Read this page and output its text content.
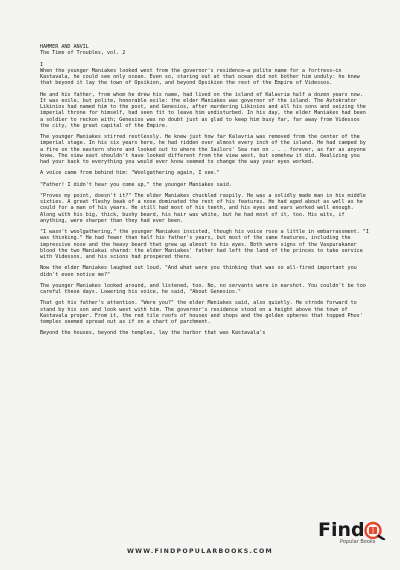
HAMMER AND ANVIL
The Time of Troubles, vol. 2
I

When the younger Maniakes looked west from the governor's residence—a polite name for a fortress—in Kastavala, he could see only ocean. Even so, staring out at that ocean did not bother him unduly: he knew that beyond it lay the town of Opsikion, and beyond Opsikion the rest of the Empire of Videssos.

He and his father, from whom he drew his name, had lived on the island of Kalavria half a dozen years now. It was exile, but polite, honorable exile: the elder Maniakes was governor of the island. The Avtokrator Likinios had named him to the post, and Genesios, after murdering Likinios and all his sons and seizing the imperial throne for himself, had seen fit to leave him undisturbed. In his day, the elder Maniakes had been a soldier to reckon with; Genesios was no doubt just as glad to keep him busy far, far away from Videssos the city, the great capital of the Empire.

The younger Maniakes stirred restlessly. He knew just how far Kalavria was removed from the center of the imperial stage. In his six years here, he had ridden over almost every inch of the island. He had camped by a fire on the eastern shore and looked out to where the Sailors' Sea ran on . . . forever, as far as anyone knew. The view east shouldn't have looked different from the view west, but somehow it did. Realizing you had your back to everything you would ever know seemed to change the way your eyes worked.

A voice came from behind him: "Woolgathering again, I see."

"Father! I didn't hear you come up," the younger Maniakes said.

"Proves my point, doesn't it?" The elder Maniakes chuckled raspily. He was a solidly made man in his middle sixties. A great fleshy beak of a nose dominated the rest of his features. He had aged about as well as he could for a man of his years. He still had most of his teeth, and his eyes and ears worked well enough. Along with his big, thick, bushy beard, his hair was white, but he had most of it, too. His wits, if anything, were sharper than they had ever been.

"I wasn't woolgathering," the younger Maniakes insisted, though his voice rose a little in embarrassment. "I was thinking." He had fewer than half his father's years, but most of the same features, including the impressive nose and the heavy beard that grew up almost to his eyes. Both were signs of the Vaspurakaner blood the two Maniakai shared: the elder Maniakes' father had left the land of the princes to take service with Videssos, and his scions had prospered there.

Now the elder Maniakes laughed out loud. "And what were you thinking that was so all-fired important you didn't even notice me?"

The younger Maniakes looked around, and listened, too. No, no servants were in earshot. You couldn't be too careful these days. Lowering his voice, he said, "About Genesios."

That got his father's attention. "Were you?" the elder Maniakes said, also quietly. He strode forward to stand by his son and look west with him. The governor's residence stood on a height above the town of Kastavala proper. From it, the red tile roofs of houses and shops and the golden spheres that topped Phos' temples seemed spread out as if on a chart of parchment.

Beyond the houses, beyond the temples, lay the harbor that was Kastavala's

Find
Popular Books
WWW.FINDPOPULARBOOKS.COM
